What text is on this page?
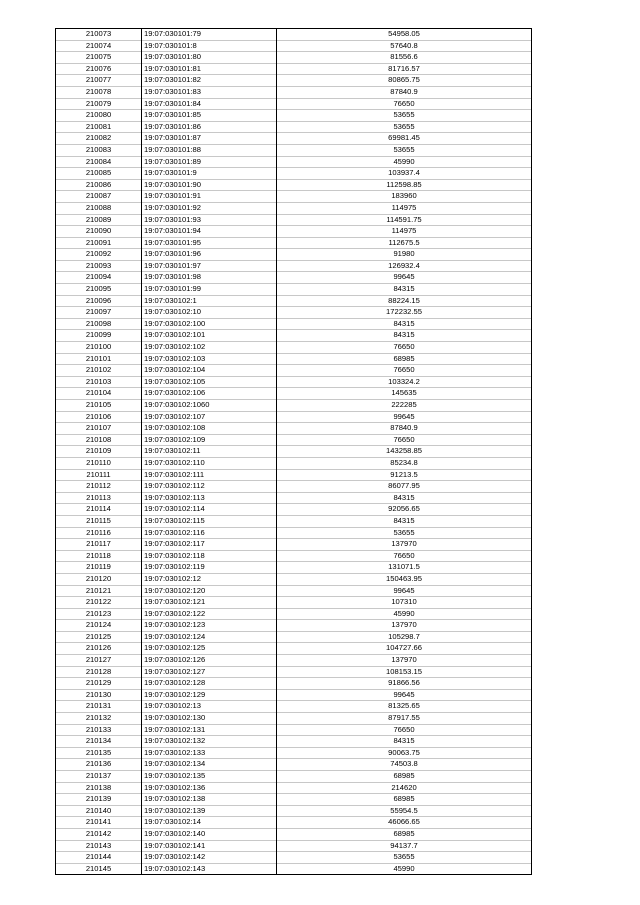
210073	19:07:030101:79	54958.05
210074	19:07:030101:8	57640.8
210075	19:07:030101:80	81556.6
210076	19:07:030101:81	81716.57
210077	19:07:030101:82	80865.75
210078	19:07:030101:83	87840.9
210079	19:07:030101:84	76650
210080	19:07:030101:85	53655
210081	19:07:030101:86	53655
210082	19:07:030101:87	69981.45
210083	19:07:030101:88	53655
210084	19:07:030101:89	45990
210085	19:07:030101:9	103937.4
210086	19:07:030101:90	112598.85
210087	19:07:030101:91	183960
210088	19:07:030101:92	114975
210089	19:07:030101:93	114591.75
210090	19:07:030101:94	114975
210091	19:07:030101:95	112675.5
210092	19:07:030101:96	91980
210093	19:07:030101:97	126932.4
210094	19:07:030101:98	99645
210095	19:07:030101:99	84315
210096	19:07:030102:1	88224.15
210097	19:07:030102:10	172232.55
210098	19:07:030102:100	84315
210099	19:07:030102:101	84315
210100	19:07:030102:102	76650
210101	19:07:030102:103	68985
210102	19:07:030102:104	76650
210103	19:07:030102:105	103324.2
210104	19:07:030102:106	145635
210105	19:07:030102:1060	222285
210106	19:07:030102:107	99645
210107	19:07:030102:108	87840.9
210108	19:07:030102:109	76650
210109	19:07:030102:11	143258.85
210110	19:07:030102:110	85234.8
210111	19:07:030102:111	91213.5
210112	19:07:030102:112	86077.95
210113	19:07:030102:113	84315
210114	19:07:030102:114	92056.65
210115	19:07:030102:115	84315
210116	19:07:030102:116	53655
210117	19:07:030102:117	137970
210118	19:07:030102:118	76650
210119	19:07:030102:119	131071.5
210120	19:07:030102:12	150463.95
210121	19:07:030102:120	99645
210122	19:07:030102:121	107310
210123	19:07:030102:122	45990
210124	19:07:030102:123	137970
210125	19:07:030102:124	105298.7
210126	19:07:030102:125	104727.66
210127	19:07:030102:126	137970
210128	19:07:030102:127	108153.15
210129	19:07:030102:128	91866.56
210130	19:07:030102:129	99645
210131	19:07:030102:13	81325.65
210132	19:07:030102:130	87917.55
210133	19:07:030102:131	76650
210134	19:07:030102:132	84315
210135	19:07:030102:133	90063.75
210136	19:07:030102:134	74503.8
210137	19:07:030102:135	68985
210138	19:07:030102:136	214620
210139	19:07:030102:138	68985
210140	19:07:030102:139	55954.5
210141	19:07:030102:14	46066.65
210142	19:07:030102:140	68985
210143	19:07:030102:141	94137.7
210144	19:07:030102:142	53655
210145	19:07:030102:143	45990
